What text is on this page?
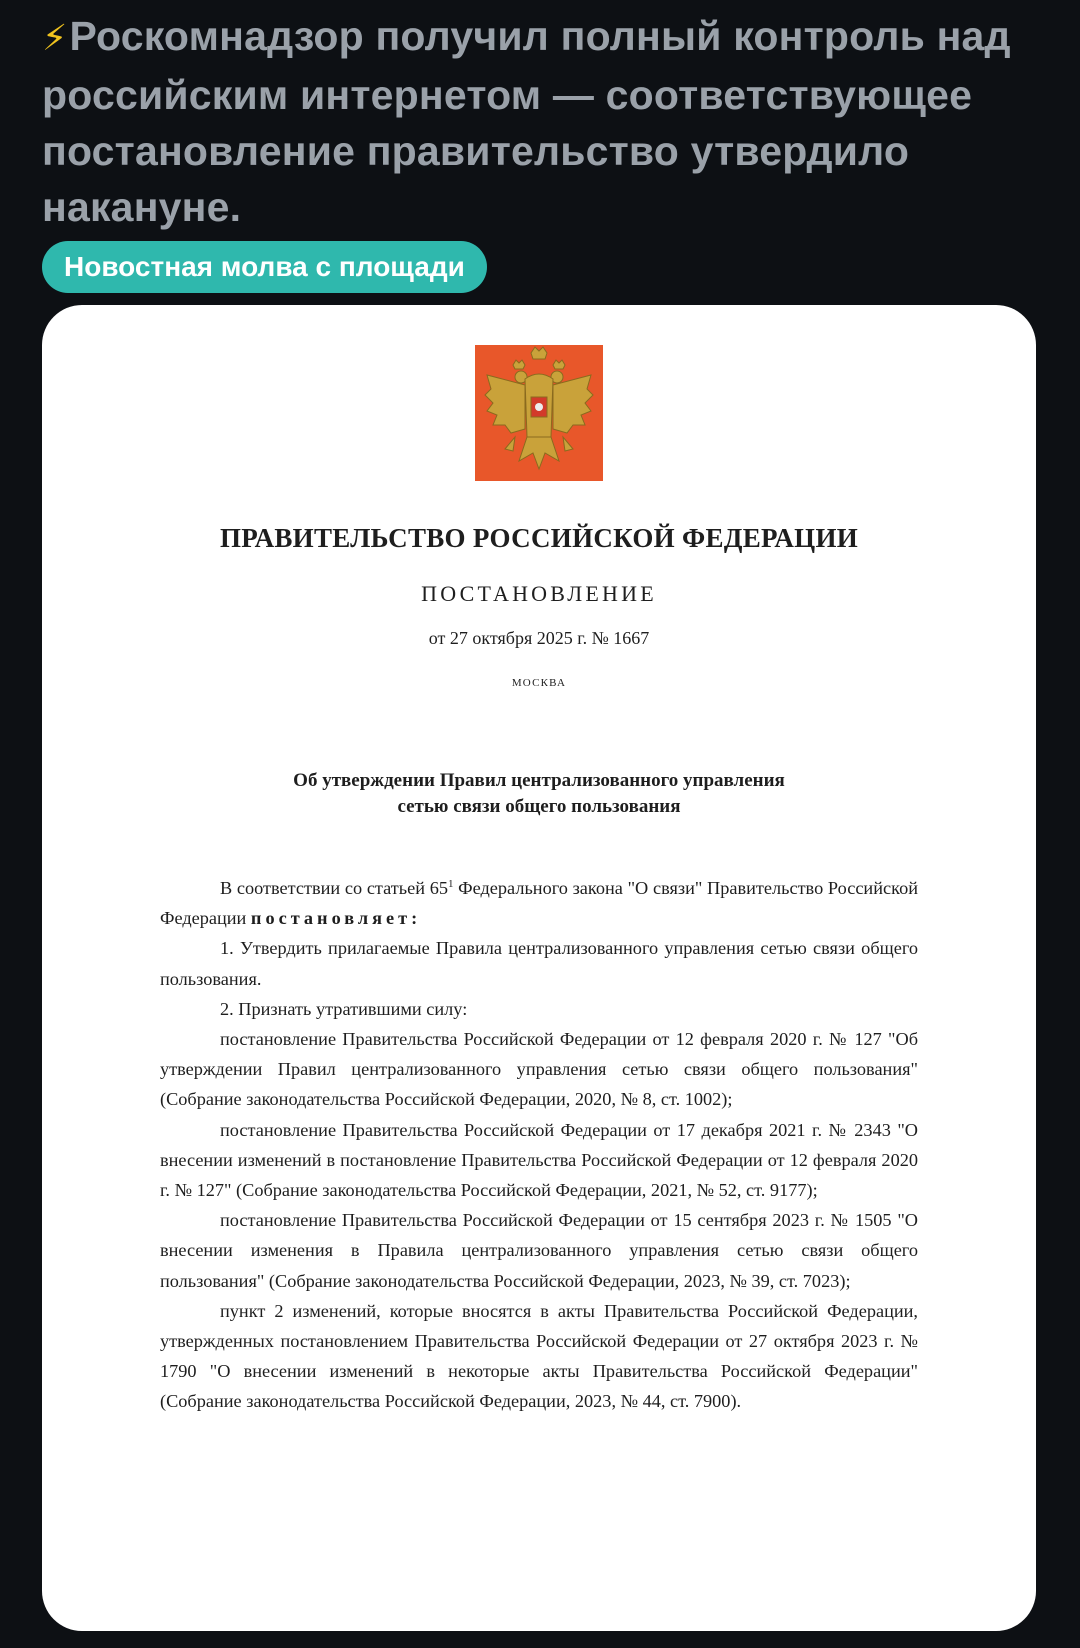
⚡Роскомнадзор получил полный контроль над российским интернетом — соответствующее постановление правительство утвердило накануне.
Новостная молва с площади
ПРАВИТЕЛЬСТВО РОССИЙСКОЙ ФЕДЕРАЦИИ
ПОСТАНОВЛЕНИЕ
от 27 октября 2025 г. № 1667
МОСКВА
Об утверждении Правил централизованного управления
сетью связи общего пользования

В соответствии со статьей $65^1$ Федерального закона "О связи" Правительство Российской Федерации постановляет:

1. Утвердить прилагаемые Правила централизованного управления сетью связи общего пользования.

2. Признать утратившими силу:

постановление Правительства Российской Федерации от 12 февраля 2020 г. № 127 "Об утверждении Правил централизованного управления сетью связи общего пользования" (Собрание законодательства Российской Федерации, 2020, № 8, ст. 1002);

постановление Правительства Российской Федерации от 17 декабря 2021 г. № 2343 "О внесении изменений в постановление Правительства Российской Федерации от 12 февраля 2020 г. № 127" (Собрание законодательства Российской Федерации, 2021, № 52, ст. 9177);

постановление Правительства Российской Федерации от 15 сентября 2023 г. № 1505 "О внесении изменения в Правила централизованного управления сетью связи общего пользования" (Собрание законодательства Российской Федерации, 2023, № 39, ст. 7023);

пункт 2 изменений, которые вносятся в акты Правительства Российской Федерации, утвержденных постановлением Правительства Российской Федерации от 27 октября 2023 г. № 1790 "О внесении изменений в некоторые акты Правительства Российской Федерации" (Собрание законодательства Российской Федерации, 2023, № 44, ст. 7900).
